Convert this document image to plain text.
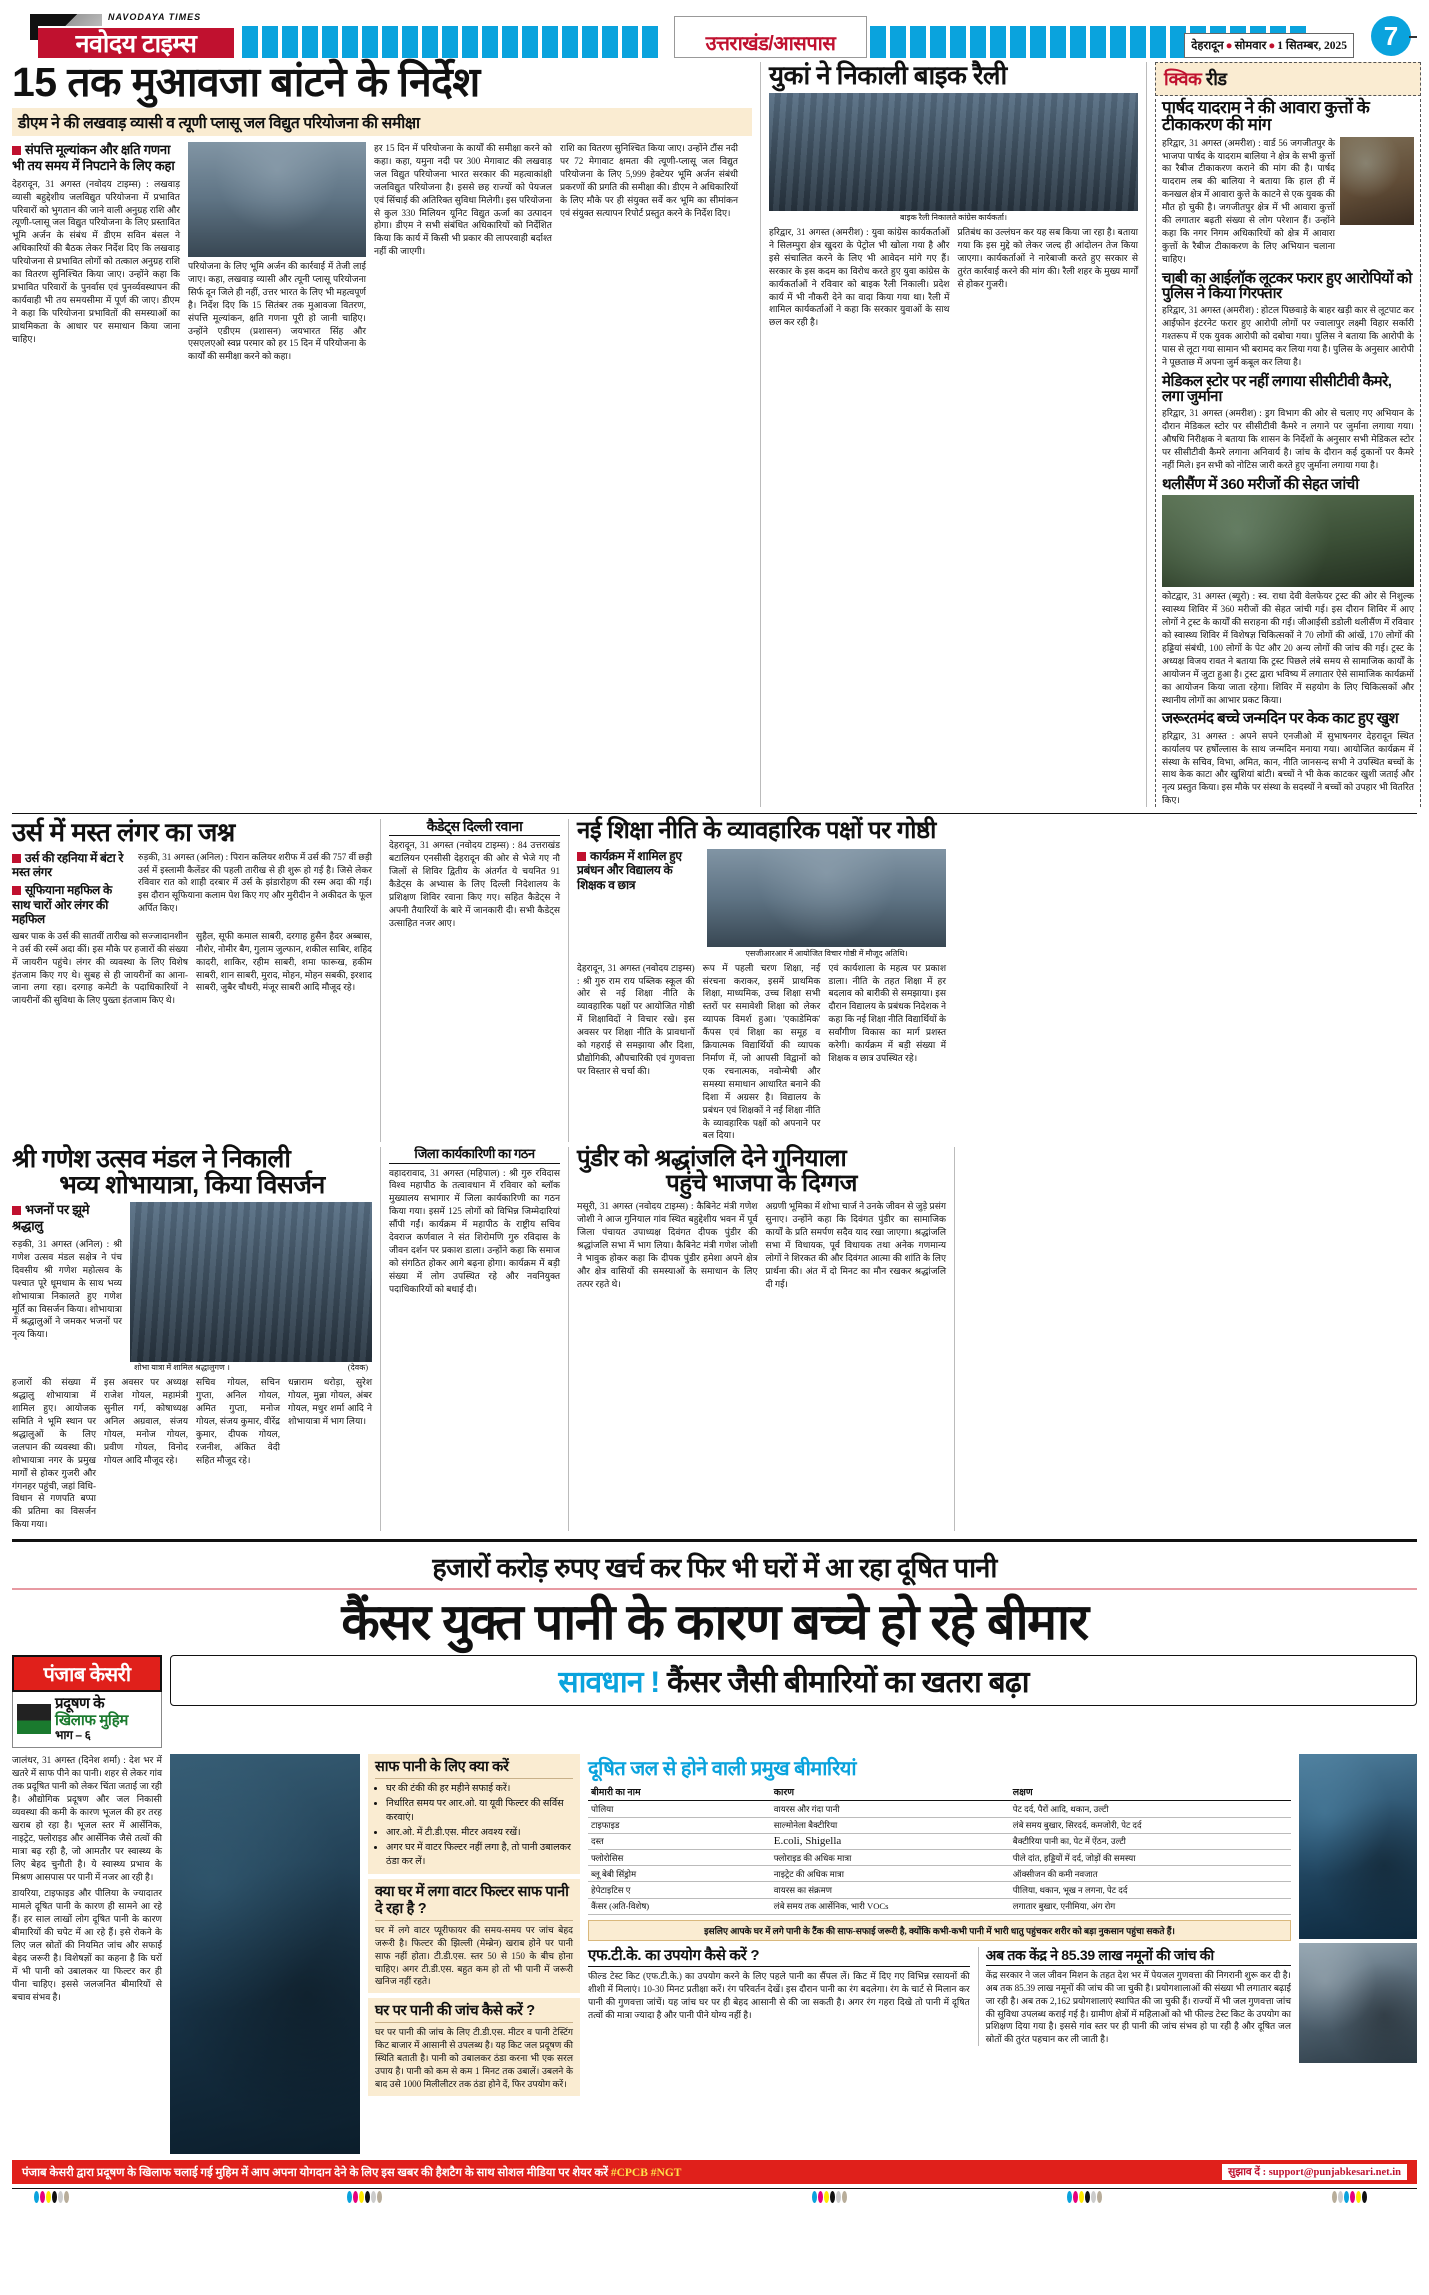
NAVODAYA TIMES
नवोदय टाइम्स	उत्तराखंड/आसपास	देहरादून ● सोमवार ● 1 सितम्बर, 2025	7
15 तक मुआवजा बांटने के निर्देश
डीएम ने की लखवाड़ व्यासी व त्यूणी प्लासू जल विद्युत परियोजना की समीक्षा
संपत्ति मूल्यांकन और क्षति गणना भी तय समय में निपटाने के लिए कहा
देहरादून, 31 अगस्त (नवोदय टाइम्स) : लखवाड़ व्यासी बहुद्देशीय जलविद्युत परियोजना में प्रभावित परिवारों को भुगतान की जाने वाली अनुग्रह राशि और त्यूणी-प्लासू जल विद्युत परियोजना के लिए प्रस्तावित भूमि अर्जन के संबंध में डीएम सविन बंसल ने अधिकारियों की बैठक लेकर निर्देश दिए कि लखवाड़ परियोजना से प्रभावित लोगों को तत्काल अनुग्रह राशि का वितरण सुनिश्चित किया जाए। उन्होंने कहा कि प्रभावित परिवारों के पुनर्वास एवं पुनर्व्यवस्थापन की कार्यवाही भी तय समयसीमा में पूर्ण की जाए। डीएम ने कहा कि परियोजना प्रभावितों की समस्याओं का प्राथमिकता के आधार पर समाधान किया जाना चाहिए।
परियोजना के लिए भूमि अर्जन की कार्रवाई में तेजी लाई जाए। कहा, लखवाड़ व्यासी और त्यूनी प्लासू परियोजना सिर्फ दून जिले ही नहीं, उत्तर भारत के लिए भी महत्वपूर्ण है। निर्देश दिए कि 15 सितंबर तक मुआवजा वितरण, संपत्ति मूल्यांकन, क्षति गणना पूरी हो जानी चाहिए। उन्होंने एडीएम (प्रशासन) जयभारत सिंह और एसएलएओ स्वप्न परमार को हर 15 दिन में परियोजना के कार्यों की समीक्षा करने को कहा।
हर 15 दिन में परियोजना के कार्यों की समीक्षा करने को कहा। कहा, यमुना नदी पर 300 मेगावाट की लखवाड़ जल विद्युत परियोजना भारत सरकार की महत्वाकांक्षी जलविद्युत परियोजना है। इससे छह राज्यों को पेयजल एवं सिंचाई की अतिरिक्त सुविधा मिलेगी। इस परियोजना से कुल 330 मिलियन यूनिट विद्युत ऊर्जा का उत्पादन होगा। डीएम ने सभी संबंधित अधिकारियों को निर्देशित किया कि कार्य में किसी भी प्रकार की लापरवाही बर्दाश्त नहीं की जाएगी।
राशि का वितरण सुनिश्चित किया जाए। उन्होंने टौंस नदी पर 72 मेगावाट क्षमता की त्यूणी-प्लासू जल विद्युत परियोजना के लिए 5,999 हेक्टेयर भूमि अर्जन संबंधी प्रकरणों की प्रगति की समीक्षा की। डीएम ने अधिकारियों के लिए मौके पर ही संयुक्त सर्वे कर भूमि का सीमांकन एवं संयुक्त सत्यापन रिपोर्ट प्रस्तुत करने के निर्देश दिए।
युकां ने निकाली बाइक रैली
बाइक रैली निकालते कांग्रेस कार्यकर्ता।
हरिद्वार, 31 अगस्त (अमरीश) : युवा कांग्रेस कार्यकर्ताओं ने सिलम्पुरा क्षेत्र खुदरा के पेट्रोल भी खोला गया है और इसे संचालित करने के लिए भी आवेदन मांगे गए हैं। सरकार के इस कदम का विरोध करते हुए युवा कांग्रेस के कार्यकर्ताओं ने रविवार को बाइक रैली निकाली। प्रदेश कार्य में भी नौकरी देने का वादा किया गया था। रैली में शामिल कार्यकर्ताओं ने कहा कि सरकार युवाओं के साथ छल कर रही है।
प्रतिबंध का उल्लंघन कर यह सब किया जा रहा है। बताया गया कि इस मुद्दे को लेकर जल्द ही आंदोलन तेज किया जाएगा। कार्यकर्ताओं ने नारेबाजी करते हुए सरकार से तुरंत कार्रवाई करने की मांग की। रैली शहर के मुख्य मार्गों से होकर गुजरी।
क्विक रीड
पार्षद यादराम ने की आवारा कुत्तों के टीकाकरण की मांग
हरिद्वार, 31 अगस्त (अमरीश) : वार्ड 56 जगजीतपुर के भाजपा पार्षद के यादराम बालिया ने क्षेत्र के सभी कुत्तों का रैबीज टीकाकरण कराने की मांग की है। पार्षद यादराम लब की बालिया ने बताया कि हाल ही में कनखल क्षेत्र में आवारा कुत्ते के काटने से एक युवक की मौत हो चुकी है। जगजीतपुर क्षेत्र में भी आवारा कुत्तों की लगातार बढ़ती संख्या से लोग परेशान हैं। उन्होंने कहा कि नगर निगम अधिकारियों को क्षेत्र में आवारा कुत्तों के रैबीज टीकाकरण के लिए अभियान चलाना चाहिए।
चाबी का आईलॉक लूटकर फरार हुए आरोपियों को पुलिस ने किया गिरफ्तार
हरिद्वार, 31 अगस्त (अमरीश) : होटल पिछवाड़े के बाहर खड़ी कार से लूटपाट कर आईफोन इंटरनेट फरार हुए आरोपी लोगों पर ज्वालापुर लक्ष्मी विहार सर्कारी गश्तरूप में एक युवक आरोपी को दबोचा गया। पुलिस ने बताया कि आरोपी के पास से लूटा गया सामान भी बरामद कर लिया गया है। पुलिस के अनुसार आरोपी ने पूछताछ में अपना जुर्म कबूल कर लिया है।
मेडिकल स्टोर पर नहीं लगाया सीसीटीवी कैमरे, लगा जुर्माना
हरिद्वार, 31 अगस्त (अमरीश) : ड्रग विभाग की ओर से चलाए गए अभियान के दौरान मेडिकल स्टोर पर सीसीटीवी कैमरे न लगाने पर जुर्माना लगाया गया। औषधि निरीक्षक ने बताया कि शासन के निर्देशों के अनुसार सभी मेडिकल स्टोर पर सीसीटीवी कैमरे लगाना अनिवार्य है। जांच के दौरान कई दुकानों पर कैमरे नहीं मिले। इन सभी को नोटिस जारी करते हुए जुर्माना लगाया गया है।
थलीसैंण में 360 मरीजों की सेहत जांची
कोटद्वार, 31 अगस्त (ब्यूरो) : स्व. राधा देवी वेलफेयर ट्रस्ट की ओर से निशुल्क स्वास्थ्य शिविर में 360 मरीजों की सेहत जांची गई। इस दौरान शिविर में आए लोगों ने ट्रस्ट के कार्यों की सराहना की गई। जीआईसी डडोली थलीसैंण में रविवार को स्वास्थ्य शिविर में विशेषज्ञ चिकित्सकों ने 70 लोगों की आंखें, 170 लोगों की हड्डियां संबंधी, 100 लोगों के पेट और 20 अन्य लोगों की जांच की गई। ट्रस्ट के अध्यक्ष विजय रावत ने बताया कि ट्रस्ट पिछले लंबे समय से सामाजिक कार्यों के आयोजन में जुटा हुआ है। ट्रस्ट द्वारा भविष्य में लगातार ऐसे सामाजिक कार्यक्रमों का आयोजन किया जाता रहेगा। शिविर में सहयोग के लिए चिकित्सकों और स्थानीय लोगों का आभार प्रकट किया।
जरूरतमंद बच्चे जन्मदिन पर केक काट हुए खुश
हरिद्वार, 31 अगस्त : अपने सपने एनजीओ में सुभाषनगर देहरादून स्थित कार्यालय पर हर्षोल्लास के साथ जन्मदिन मनाया गया। आयोजित कार्यक्रम में संस्था के सचिव, विभा, अमित, कान, नीति जानसन्द सभी ने उपस्थित बच्चों के साथ केक काटा और खुशियां बांटी। बच्चों ने भी केक काटकर खुशी जताई और नृत्य प्रस्तुत किया। इस मौके पर संस्था के सदस्यों ने बच्चों को उपहार भी वितरित किए।
उर्स में मस्त लंगर का जश्न
उर्स की रहनिया में बंटा रे मस्त लंगर
सूफियाना महफिल के साथ चारों ओर लंगर की महफिल
रुड़की, 31 अगस्त (अनिल) : पिरान कलियर शरीफ में उर्स की 757 वीं छड़ी उर्स में इस्लामी कैलेंडर की पहली तारीख से ही शुरू हो गई है। जिसे लेकर रविवार रात को शाही दरबार में उर्स के झंडारोहण की रस्म अदा की गई। इस दौरान सूफियाना कलाम पेश किए गए और मुरीदीन ने अकीदत के फूल अर्पित किए।
खबर पाक के उर्स की सातवीं तारीख को सज्जादानशीन ने उर्स की रस्में अदा कीं। इस मौके पर हजारों की संख्या में जायरीन पहुंचे। लंगर की व्यवस्था के लिए विशेष इंतजाम किए गए थे। सुबह से ही जायरीनों का आना-जाना लगा रहा। दरगाह कमेटी के पदाधिकारियों ने जायरीनों की सुविधा के लिए पुख्ता इंतजाम किए थे।
सुहैल, सूफी कमाल साबरी, दरगाह हुसैन हैदर अब्बास, नौशेर, नोमीर बैग, गुलाम जुल्फान, शकील साबिर, शहिद कादरी, शाकिर, रहीम साबरी, शमा फारूख, हकीम साबरी, शान साबरी, मुराद, मोहन, मोहन सबकी, इरशाद साबरी, जुबैर चौधरी, मंजूर साबरी आदि मौजूद रहे।
कैडेट्स दिल्ली रवाना
देहरादून, 31 अगस्त (नवोदय टाइम्स) : 84 उत्तराखंड बटालियन एनसीसी देहरादून की ओर से भेजे गए नौ जिलों से शिविर द्वितीय के अंतर्गत ये चयनित 91 कैडेट्स के अभ्यास के लिए दिल्ली निदेशालय के प्रशिक्षण शिविर रवाना किए गए। सहित कैडेट्स ने अपनी तैयारियों के बारे में जानकारी दी। सभी कैडेट्स उत्साहित नजर आए।
नई शिक्षा नीति के व्यावहारिक पक्षों पर गोष्ठी
कार्यक्रम में शामिल हुए प्रबंधन और विद्यालय के शिक्षक व छात्र
एसजीआरआर में आयोजित विचार गोष्ठी में मौजूद अतिथि।
देहरादून, 31 अगस्त (नवोदय टाइम्स) : श्री गुरु राम राय पब्लिक स्कूल की ओर से नई शिक्षा नीति के व्यावहारिक पक्षों पर आयोजित गोष्ठी में शिक्षाविदों ने विचार रखे। इस अवसर पर शिक्षा नीति के प्रावधानों को गहराई से समझाया और दिशा, प्रौद्योगिकी, औपचारिकी एवं गुणवत्ता पर विस्तार से चर्चा की।
रूप में पहली चरण शिक्षा, नई संरचना कराकर, इसमें प्राथमिक शिक्षा, माध्यमिक, उच्च शिक्षा सभी स्तरों पर समावेशी शिक्षा को लेकर व्यापक विमर्श हुआ। 'एकाडेमिक' कैंपस एवं शिक्षा का समूह व क्रियात्मक विद्यार्थियों की व्यापक निर्माण में, जो आपसी विद्वानों को एक रचनात्मक, नवोन्मेषी और समस्या समाधान आधारित बनाने की दिशा में अग्रसर है। विद्यालय के प्रबंधन एवं शिक्षकों ने नई शिक्षा नीति के व्यावहारिक पक्षों को अपनाने पर बल दिया।
एवं कार्यशाला के महत्व पर प्रकाश डाला। नीति के तहत शिक्षा में हर बदलाव को बारीकी से समझाया। इस दौरान विद्यालय के प्रबंधक निदेशक ने कहा कि नई शिक्षा नीति विद्यार्थियों के सर्वांगीण विकास का मार्ग प्रशस्त करेगी। कार्यक्रम में बड़ी संख्या में शिक्षक व छात्र उपस्थित रहे।
श्री गणेश उत्सव मंडल ने निकाली
भव्य शोभायात्रा, किया विसर्जन
भजनों पर झूमे श्रद्धालु
रुड़की, 31 अगस्त (अनिल) : श्री गणेश उत्सव मंडल सक्षेत्र ने पंच दिवसीय श्री गणेश महोत्सव के पश्चात पूरे धूमधाम के साथ भव्य शोभायात्रा निकालते हुए गणेश मूर्ति का विसर्जन किया। शोभायात्रा में श्रद्धालुओं ने जमकर भजनों पर नृत्य किया।
शोभा यात्रा में शामिल श्रद्धालुगण ।	(देवक)
हजारों की संख्या में श्रद्धालु शोभायात्रा में शामिल हुए। आयोजक समिति ने भूमि स्थान पर श्रद्धालुओं के लिए जलपान की व्यवस्था की। शोभायात्रा नगर के प्रमुख मार्गों से होकर गुजरी और गंगनहर पहुंची, जहां विधि-विधान से गणपति बप्पा की प्रतिमा का विसर्जन किया गया।
इस अवसर पर अध्यक्ष राजेश गोयल, महामंत्री सुनील गर्ग, कोषाध्यक्ष अनिल अग्रवाल, संजय गोयल, मनोज गोयल, प्रवीण गोयल, विनोद गोयल आदि मौजूद रहे।
सचिव गोयल, सचिन गुप्ता, अनिल गोयल, अमित गुप्ता, मनोज गोयल, संजय कुमार, वीरेंद्र कुमार, दीपक गोयल, रजनीश, अंकित वेदी सहित मौजूद रहे।
धन्नाराम धरोड़ा, सुरेश गोयल, मुन्ना गोयल, अंबर गोयल, मधुर शर्मा आदि ने शोभायात्रा में भाग लिया।
जिला कार्यकारिणी का गठन
वहादरावाद, 31 अगस्त (महिपाल) : श्री गुरु रविदास विश्व महापीठ के तत्वावधान में रविवार को ब्लॉक मुख्यालय सभागार में जिला कार्यकारिणी का गठन किया गया। इसमें 125 लोगों को विभिन्न जिम्मेदारियां सौंपी गईं। कार्यक्रम में महापीठ के राष्ट्रीय सचिव देवराज कर्णवाल ने संत शिरोमणि गुरु रविदास के जीवन दर्शन पर प्रकाश डाला। उन्होंने कहा कि समाज को संगठित होकर आगे बढ़ना होगा। कार्यक्रम में बड़ी संख्या में लोग उपस्थित रहे और नवनियुक्त पदाधिकारियों को बधाई दी।
पुंडीर को श्रद्धांजलि देने गुनियाला
पहुंचे भाजपा के दिग्गज
मसूरी, 31 अगस्त (नवोदय टाइम्स) : कैबिनेट मंत्री गणेश जोशी ने आज गुनियाल गांव स्थित बहुद्देशीय भवन में पूर्व जिला पंचायत उपाध्यक्ष दिवंगत दीपक पुंडीर की श्रद्धांजलि सभा में भाग लिया। कैबिनेट मंत्री गणेश जोशी ने भावुक होकर कहा कि दीपक पुंडीर हमेशा अपने क्षेत्र और क्षेत्र वासियों की समस्याओं के समाधान के लिए तत्पर रहते थे।
अग्रणी भूमिका में शोभा चार्ज ने उनके जीवन से जुड़े प्रसंग सुनाए। उन्होंने कहा कि दिवंगत पुंडीर का सामाजिक कार्यों के प्रति समर्पण सदैव याद रखा जाएगा। श्रद्धांजलि सभा में विधायक, पूर्व विधायक तथा अनेक गणमान्य लोगों ने शिरकत की और दिवंगत आत्मा की शांति के लिए प्रार्थना की। अंत में दो मिनट का मौन रखकर श्रद्धांजलि दी गई।
हजारों करोड़ रुपए खर्च कर फिर भी घरों में आ रहा दूषित पानी
कैंसर युक्त पानी के कारण बच्चे हो रहे बीमार
पंजाब केसरी
प्रदूषण के
खिलाफ मुहिम
भाग – ६
सावधान !
कैंसर जैसी बीमारियों का खतरा बढ़ा
जालंधर, 31 अगस्त (दिनेश शर्मा) : देश भर में खतरे में साफ पीने का पानी। शहर से लेकर गांव तक प्रदूषित पानी को लेकर चिंता जताई जा रही है। औद्योगिक प्रदूषण और जल निकासी व्यवस्था की कमी के कारण भूजल की हर तरह खराब हो रहा है। भूजल स्तर में आर्सेनिक, नाइट्रेट, फ्लोराइड और आर्सेनिक जैसे तत्वों की मात्रा बढ़ रही है, जो आमतौर पर स्वास्थ्य के लिए बेहद चुनौती है। ये स्वास्थ्य प्रभाव के मिश्रण आसपास पर पानी में नजर आ रही है।
डायरिया, टाइफाइड और पीलिया के ज्यादातर मामले दूषित पानी के कारण ही सामने आ रहे हैं। हर साल लाखों लोग दूषित पानी के कारण बीमारियों की चपेट में आ रहे हैं। इसे रोकने के लिए जल स्रोतों की नियमित जांच और सफाई बेहद जरूरी है। विशेषज्ञों का कहना है कि घरों में भी पानी को उबालकर या फिल्टर कर ही पीना चाहिए। इससे जलजनित बीमारियों से बचाव संभव है।
साफ पानी के लिए क्या करें
• घर की टंकी की हर महीने सफाई करें।
• निर्धारित समय पर आर.ओ. या यूवी फिल्टर की सर्विस करवाएं।
• आर.ओ. में टी.डी.एस. मीटर अवश्य रखें।
• अगर घर में वाटर फिल्टर नहीं लगा है, तो पानी उबालकर ठंडा कर लें।
क्या घर में लगा वाटर फिल्टर साफ पानी दे रहा है ?
घर में लगे वाटर प्यूरीफायर की समय-समय पर जांच बेहद जरूरी है। फिल्टर की झिल्ली (मेम्ब्रेन) खराब होने पर पानी साफ नहीं होता। टी.डी.एस. स्तर 50 से 150 के बीच होना चाहिए। अगर टी.डी.एस. बहुत कम हो तो भी पानी में जरूरी खनिज नहीं रहते।
घर पर पानी की जांच कैसे करें ?
घर पर पानी की जांच के लिए टी.डी.एस. मीटर व पानी टेस्टिंग किट बाजार में आसानी से उपलब्ध है। यह किट जल प्रदूषण की स्थिति बताती है। पानी को उबालकर ठंडा करना भी एक सरल उपाय है। पानी को कम से कम 1 मिनट तक उबालें। उबलने के बाद उसे 1000 मिलीलीटर तक ठंडा होने दें, फिर उपयोग करें।
दूषित जल से होने वाली प्रमुख बीमारियां
बीमारी का नाम	कारण	लक्षण
पोलिया	वायरस और गंदा पानी	पेट दर्द, पैरों आदि, थकान, उल्टी
टाइफाइड	साल्मोनेला बैक्टीरिया	लंबे समय बुखार, सिरदर्द, कमजोरी, पेट दर्द
दस्त	E.coli, Shigella	बैक्टीरिया पानी का, पेट में ऐंठन, उल्टी
फ्लोरोसिस	फ्लोराइड की अधिक मात्रा	पीले दांत, हड्डियों में दर्द, जोड़ों की समस्या
ब्लू बेबी सिंड्रोम	नाइट्रेट की अधिक मात्रा	ऑक्सीजन की कमी नवजात
हेपेटाइटिस ए	वायरस का संक्रमण	पीलिया, थकान, भूख न लगना, पेट दर्द
कैंसर (अति-विशेष)	लंबे समय तक आर्सेनिक, भारी VOCs	लगातार बुखार, एनीमिया, अंग रोग
इसलिए आपके घर में लगे पानी के टैंक की साफ-सफाई जरूरी है, क्योंकि कभी-कभी पानी में भारी धातु पहुंचकर शरीर को बड़ा नुकसान पहुंचा सकते हैं।
एफ.टी.के. का उपयोग कैसे करें ?
फील्ड टेस्ट किट (एफ.टी.के.) का उपयोग करने के लिए पहले पानी का सैंपल लें। किट में दिए गए विभिन्न रसायनों की शीशी में मिलाएं। 10-30 मिनट प्रतीक्षा करें। रंग परिवर्तन देखें। इस दौरान पानी का रंग बदलेगा। रंग के चार्ट से मिलान कर पानी की गुणवत्ता जांचें। यह जांच घर पर ही बेहद आसानी से की जा सकती है। अगर रंग गहरा दिखे तो पानी में दूषित तत्वों की मात्रा ज्यादा है और पानी पीने योग्य नहीं है।
अब तक केंद्र ने 85.39 लाख नमूनों की जांच की
केंद्र सरकार ने जल जीवन मिशन के तहत देश भर में पेयजल गुणवत्ता की निगरानी शुरू कर दी है। अब तक 85.39 लाख नमूनों की जांच की जा चुकी है। प्रयोगशालाओं की संख्या भी लगातार बढ़ाई जा रही है। अब तक 2,162 प्रयोगशालाएं स्थापित की जा चुकी हैं। राज्यों में भी जल गुणवत्ता जांच की सुविधा उपलब्ध कराई गई है। ग्रामीण क्षेत्रों में महिलाओं को भी फील्ड टेस्ट किट के उपयोग का प्रशिक्षण दिया गया है। इससे गांव स्तर पर ही पानी की जांच संभव हो पा रही है और दूषित जल स्रोतों की तुरंत पहचान कर ली जाती है।
पंजाब केसरी द्वारा प्रदूषण के खिलाफ चलाई गई मुहिम में आप अपना योगदान देने के लिए इस खबर की हैशटैग के साथ सोशल मीडिया पर शेयर करें #CPCB #NGT	सुझाव दें : support@punjabkesari.net.in
